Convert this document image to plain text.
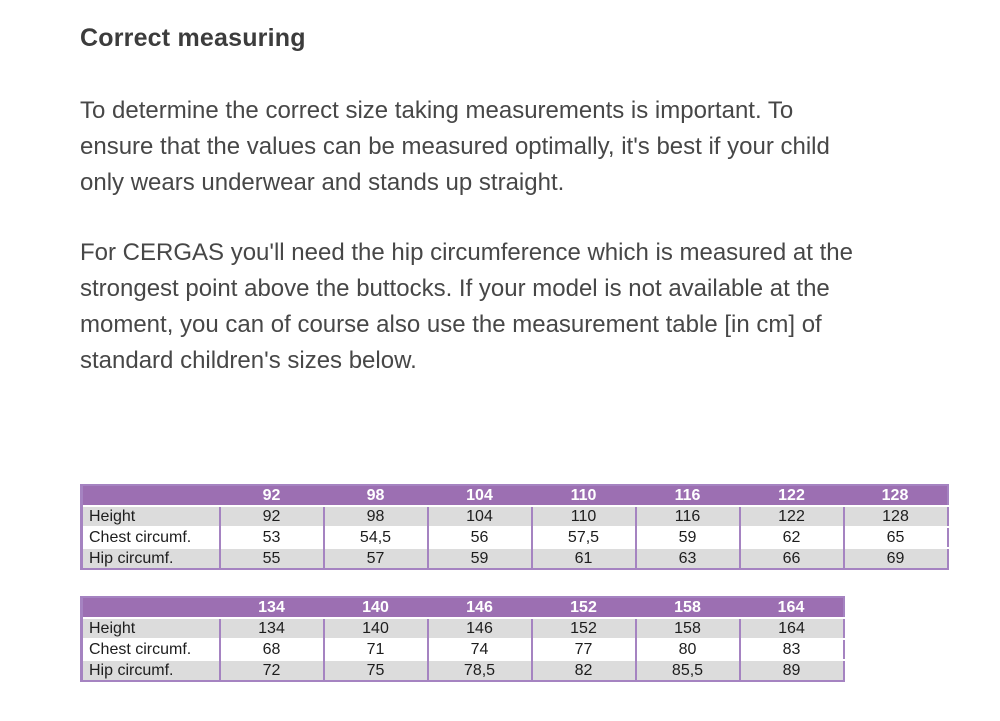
Correct measuring
To determine the correct size taking measurements is important. To
ensure that the values can be measured optimally, it's best if your child
only wears underwear and stands up straight.
For CERGAS you'll need the hip circumference which is measured at the
strongest point above the buttocks. If your model is not available at the
moment, you can of course also use the measurement table [in cm] of
standard children's sizes below.
	92	98	104	110	116	122	128
Height	92	98	104	110	116	122	128
Chest circumf.	53	54,5	56	57,5	59	62	65
Hip circumf.	55	57	59	61	63	66	69
	134	140	146	152	158	164
Height	134	140	146	152	158	164
Chest circumf.	68	71	74	77	80	83
Hip circumf.	72	75	78,5	82	85,5	89
